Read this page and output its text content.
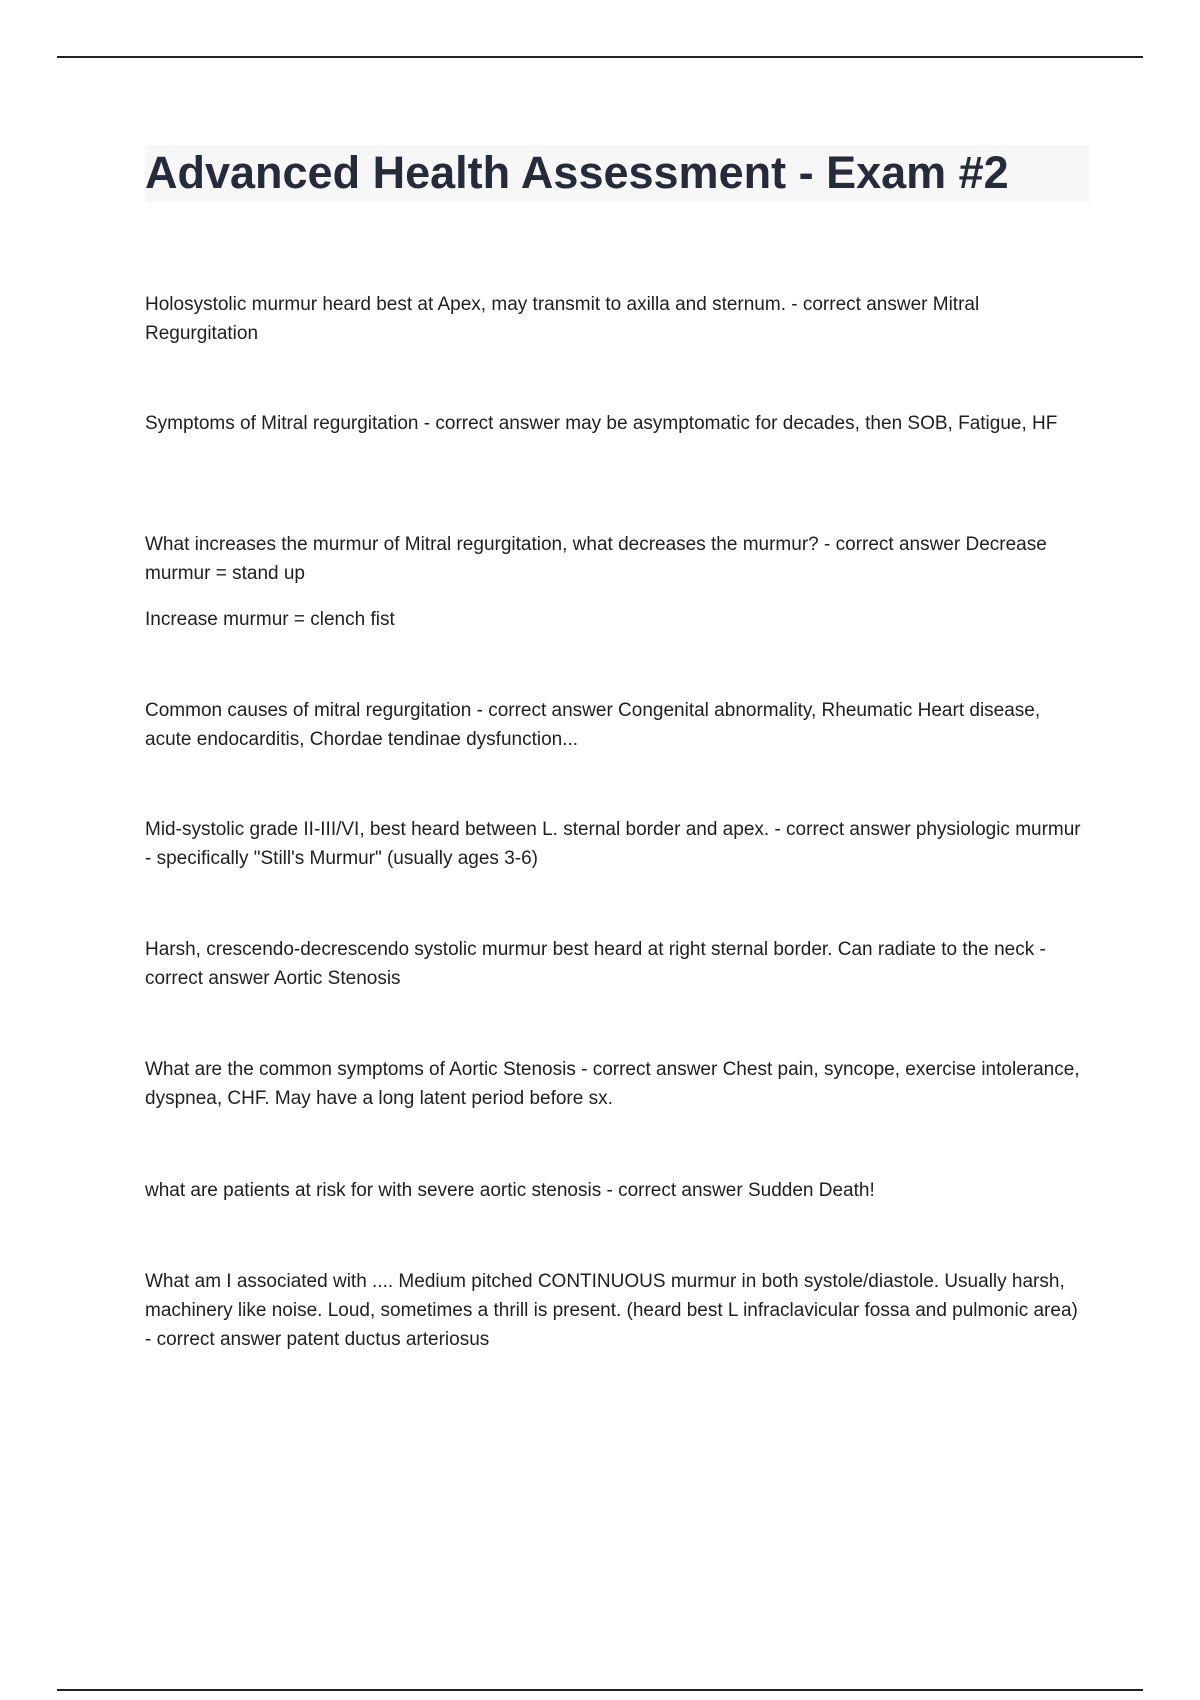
Advanced Health Assessment - Exam #2

Holosystolic murmur heard best at Apex, may transmit to axilla and sternum. - correct answer Mitral Regurgitation

Symptoms of Mitral regurgitation - correct answer may be asymptomatic for decades, then SOB, Fatigue, HF

What increases the murmur of Mitral regurgitation, what decreases the murmur? - correct answer Decrease murmur = stand up

Increase murmur = clench fist

Common causes of mitral regurgitation - correct answer Congenital abnormality, Rheumatic Heart disease, acute endocarditis, Chordae tendinae dysfunction...

Mid-systolic grade II-III/VI, best heard between L. sternal border and apex. - correct answer physiologic murmur - specifically "Still's Murmur" (usually ages 3-6)

Harsh, crescendo-decrescendo systolic murmur best heard at right sternal border. Can radiate to the neck - correct answer Aortic Stenosis

What are the common symptoms of Aortic Stenosis - correct answer Chest pain, syncope, exercise intolerance, dyspnea, CHF. May have a long latent period before sx.

what are patients at risk for with severe aortic stenosis - correct answer Sudden Death!

What am I associated with .... Medium pitched CONTINUOUS murmur in both systole/diastole. Usually harsh, machinery like noise. Loud, sometimes a thrill is present. (heard best L infraclavicular fossa and pulmonic area) - correct answer patent ductus arteriosus
